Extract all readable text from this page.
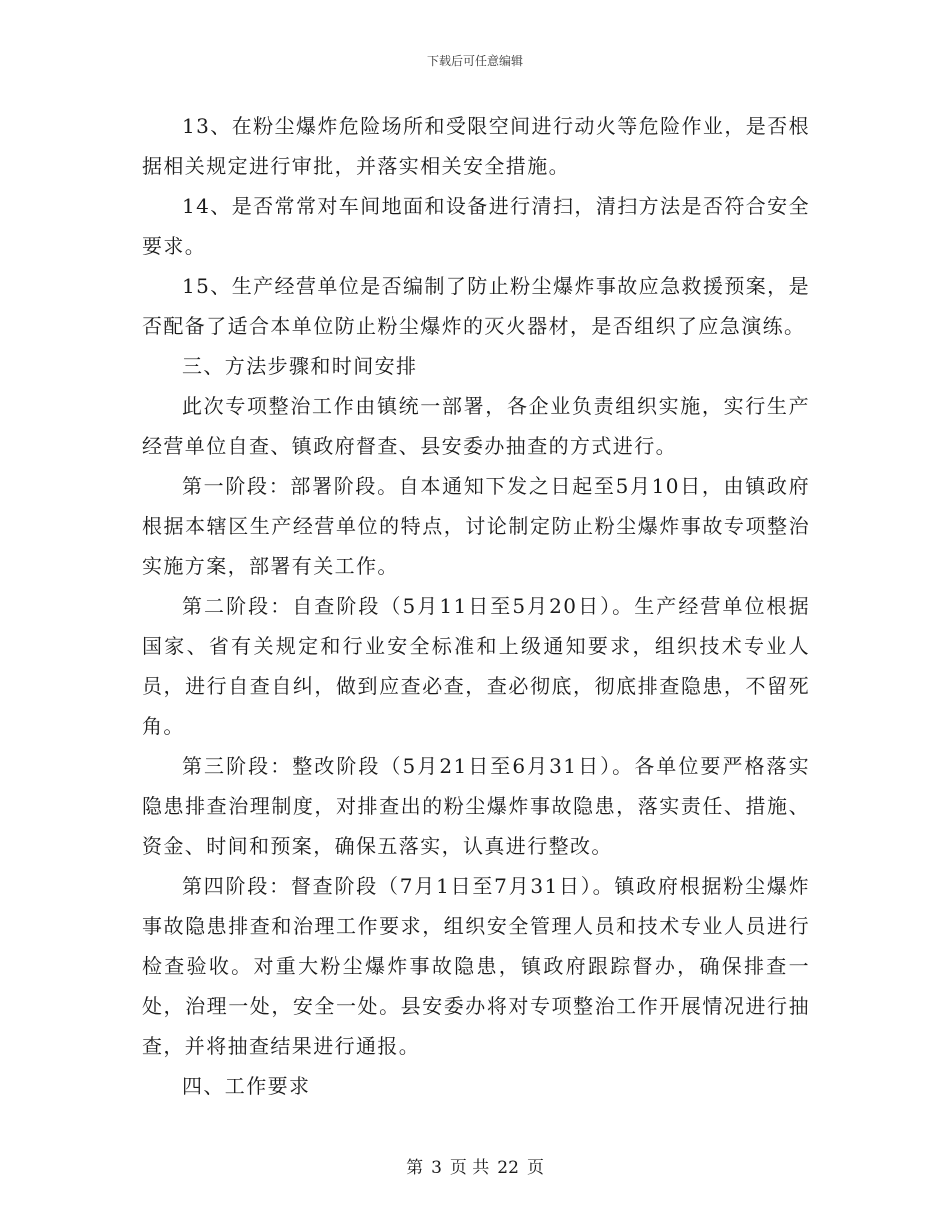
下载后可任意编辑

13、在粉尘爆炸危险场所和受限空间进行动火等危险作业，是否根据相关规定进行审批，并落实相关安全措施。

14、是否常常对车间地面和设备进行清扫，清扫方法是否符合安全要求。

15、生产经营单位是否编制了防止粉尘爆炸事故应急救援预案，是否配备了适合本单位防止粉尘爆炸的灭火器材，是否组织了应急演练。

三、方法步骤和时间安排

此次专项整治工作由镇统一部署，各企业负责组织实施，实行生产经营单位自查、镇政府督查、县安委办抽查的方式进行。

第一阶段：部署阶段。自本通知下发之日起至5月10日，由镇政府根据本辖区生产经营单位的特点，讨论制定防止粉尘爆炸事故专项整治实施方案，部署有关工作。

第二阶段：自查阶段（5月11日至5月20日）。生产经营单位根据国家、省有关规定和行业安全标准和上级通知要求，组织技术专业人员，进行自查自纠，做到应查必查，查必彻底，彻底排查隐患，不留死角。

第三阶段：整改阶段（5月21日至6月31日）。各单位要严格落实隐患排查治理制度，对排查出的粉尘爆炸事故隐患，落实责任、措施、资金、时间和预案，确保五落实，认真进行整改。

第四阶段：督查阶段（7月1日至7月31日）。镇政府根据粉尘爆炸事故隐患排查和治理工作要求，组织安全管理人员和技术专业人员进行检查验收。对重大粉尘爆炸事故隐患，镇政府跟踪督办，确保排查一处，治理一处，安全一处。县安委办将对专项整治工作开展情况进行抽查，并将抽查结果进行通报。

四、工作要求

第 3 页 共 22 页
